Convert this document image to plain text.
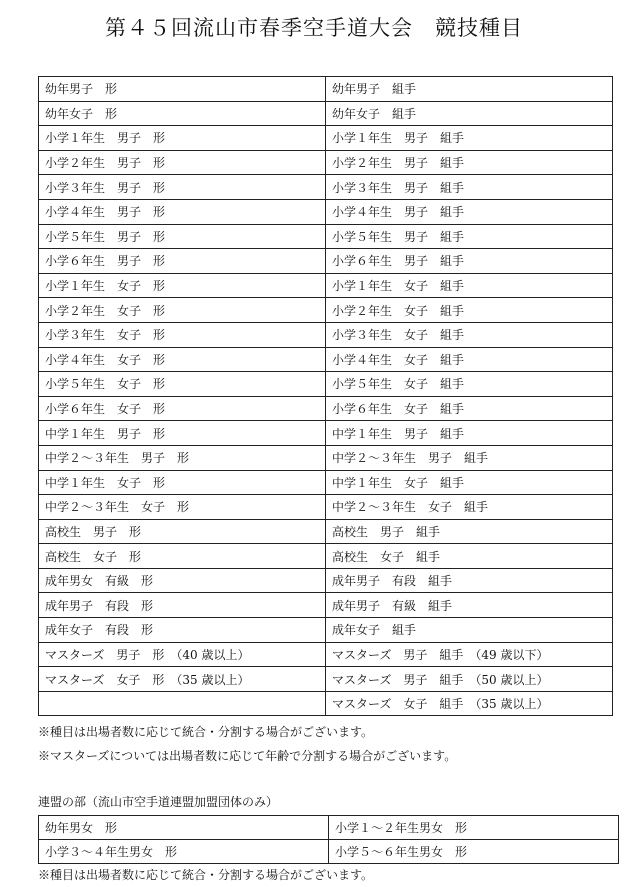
第４５回流山市春季空手道大会　競技種目
幼年男子　形	幼年男子　組手
幼年女子　形	幼年女子　組手
小学１年生　男子　形	小学１年生　男子　組手
小学２年生　男子　形	小学２年生　男子　組手
小学３年生　男子　形	小学３年生　男子　組手
小学４年生　男子　形	小学４年生　男子　組手
小学５年生　男子　形	小学５年生　男子　組手
小学６年生　男子　形	小学６年生　男子　組手
小学１年生　女子　形	小学１年生　女子　組手
小学２年生　女子　形	小学２年生　女子　組手
小学３年生　女子　形	小学３年生　女子　組手
小学４年生　女子　形	小学４年生　女子　組手
小学５年生　女子　形	小学５年生　女子　組手
小学６年生　女子　形	小学６年生　女子　組手
中学１年生　男子　形	中学１年生　男子　組手
中学２〜３年生　男子　形	中学２〜３年生　男子　組手
中学１年生　女子　形	中学１年生　女子　組手
中学２〜３年生　女子　形	中学２〜３年生　女子　組手
高校生　男子　形	高校生　男子　組手
高校生　女子　形	高校生　女子　組手
成年男女　有級　形	成年男子　有段　組手
成年男子　有段　形	成年男子　有級　組手
成年女子　有段　形	成年女子　組手
マスターズ　男子　形　（40 歳以上）	マスターズ　男子　組手　（49 歳以下）
マスターズ　女子　形　（35 歳以上）	マスターズ　男子　組手　（50 歳以上）
	マスターズ　女子　組手　（35 歳以上）
※種目は出場者数に応じて統合・分割する場合がございます。
※マスターズについては出場者数に応じて年齢で分割する場合がございます。
連盟の部（流山市空手道連盟加盟団体のみ）
幼年男女　形	小学１〜２年生男女　形
小学３〜４年生男女　形	小学５〜６年生男女　形
※種目は出場者数に応じて統合・分割する場合がございます。
